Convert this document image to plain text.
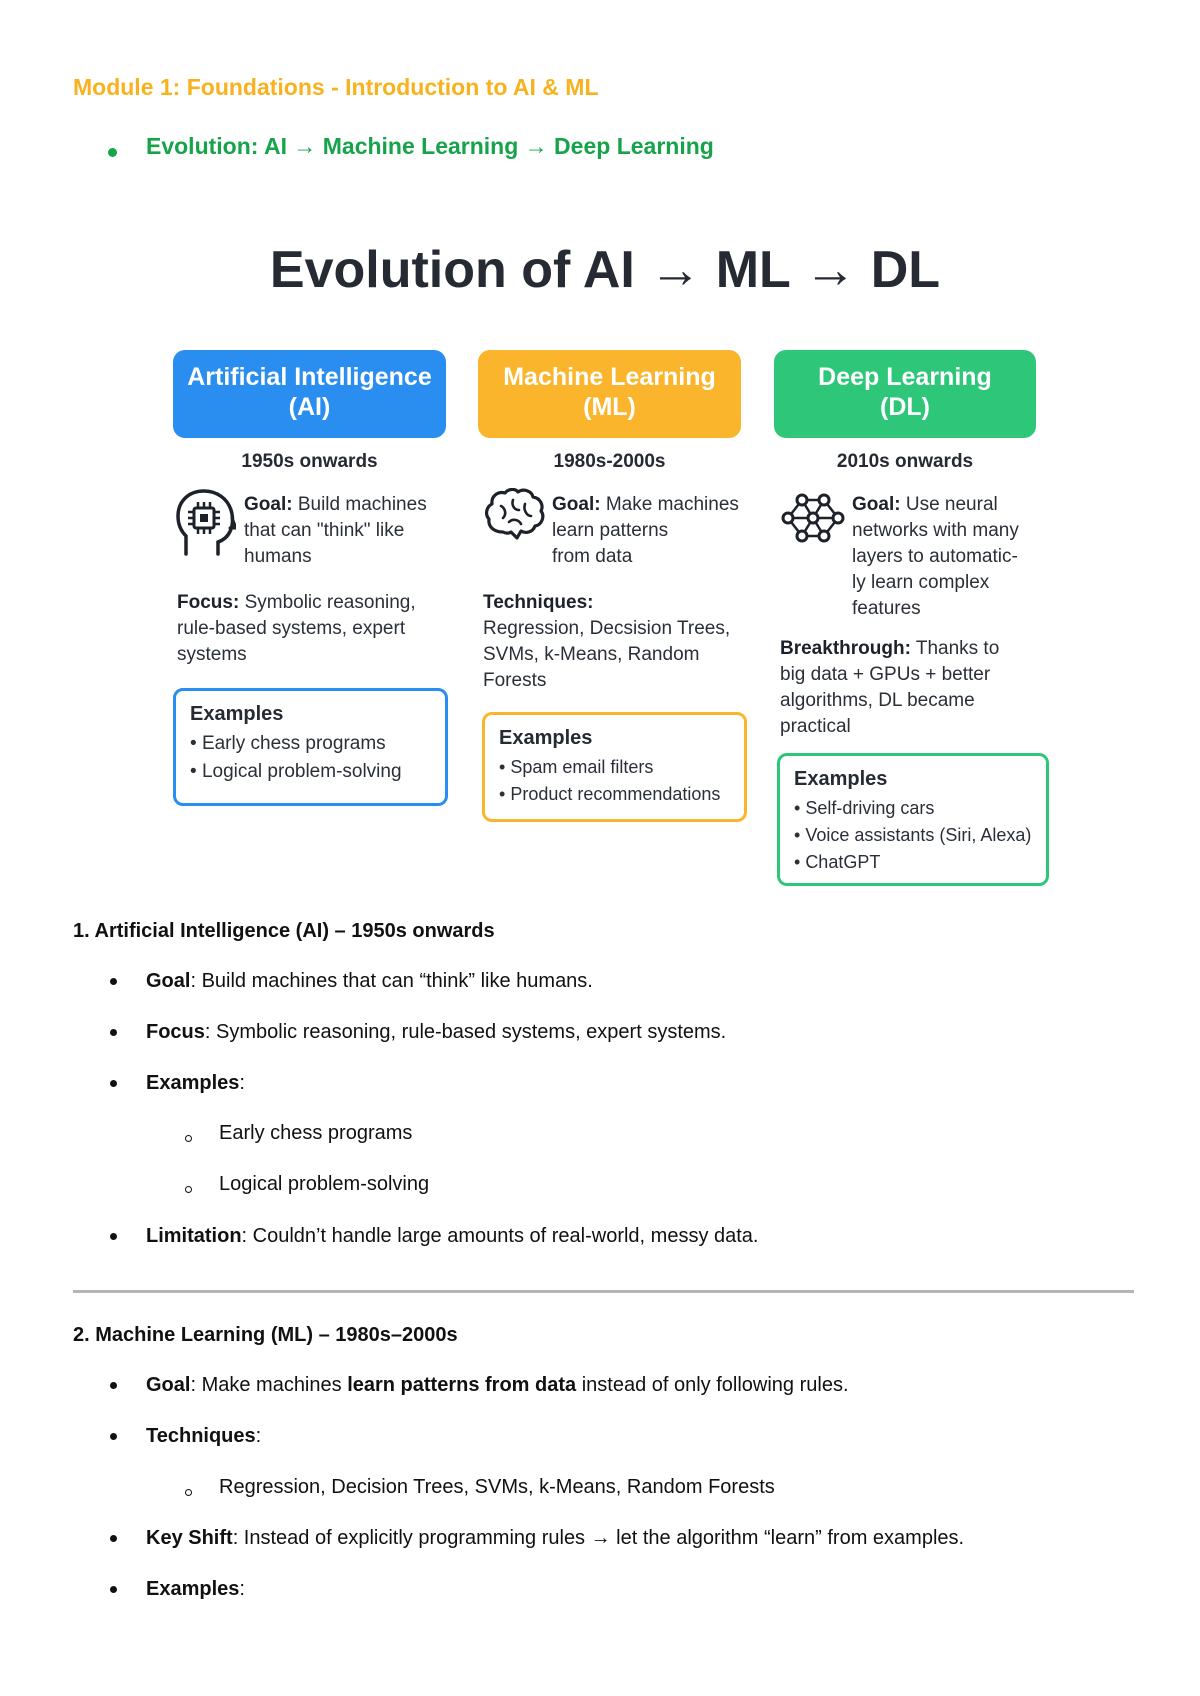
Module 1: Foundations - Introduction to AI & ML
Evolution: AI → Machine Learning → Deep Learning
Evolution of AI → ML → DL
Artificial Intelligence
(AI)
1950s onwards
Goal: Build machines
that can "think" like
humans
Focus: Symbolic reasoning,
rule-based systems, expert
systems
Examples
• Early chess programs
• Logical problem-solving
Machine Learning
(ML)
1980s-2000s
Goal: Make machines
learn patterns
from data
Techniques:
Regression, Decsision Trees,
SVMs, k-Means, Random
Forests
Examples
• Spam email filters
• Product recommendations
Deep Learning
(DL)
2010s onwards
Goal: Use neural
networks with many
layers to automatic-
ly learn complex
features
Breakthrough: Thanks to
big data + GPUs + better
algorithms, DL became
practical
Examples
• Self-driving cars
• Voice assistants (Siri, Alexa)
• ChatGPT
1. Artificial Intelligence (AI) – 1950s onwards
Goal: Build machines that can “think” like humans.
Focus: Symbolic reasoning, rule-based systems, expert systems.
Examples:
Early chess programs
Logical problem-solving
Limitation: Couldn’t handle large amounts of real-world, messy data.
2. Machine Learning (ML) – 1980s–2000s
Goal: Make machines learn patterns from data instead of only following rules.
Techniques:
Regression, Decision Trees, SVMs, k-Means, Random Forests
Key Shift: Instead of explicitly programming rules → let the algorithm “learn” from examples.
Examples:
